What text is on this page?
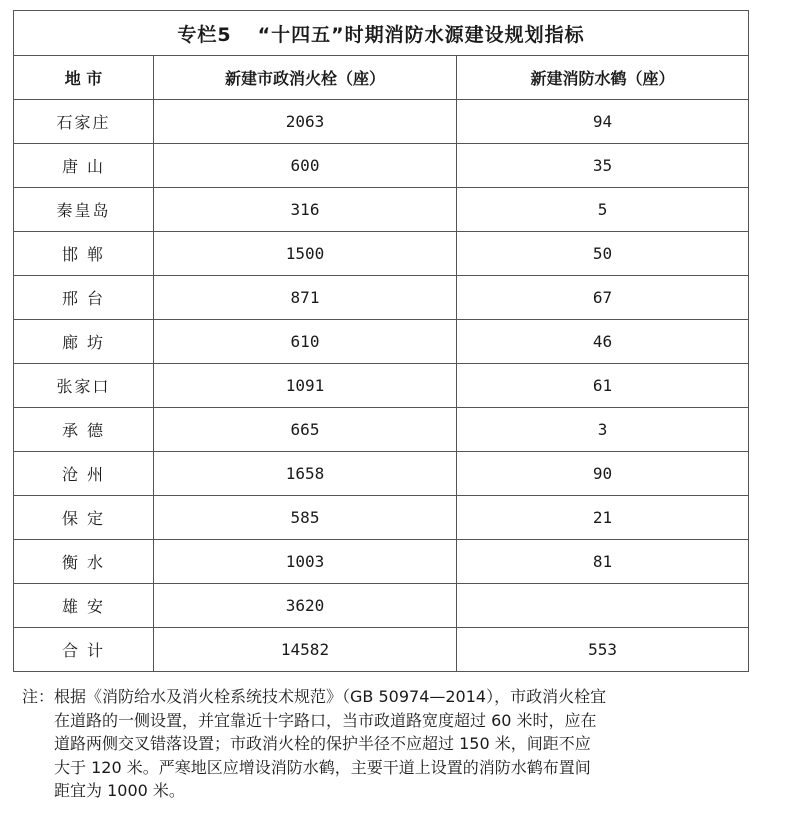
专栏5 “十四五”时期消防水源建设规划指标		
地 市	新建市政消火栓（座）	新建消防水鹤（座）
石家庄	2063	94
唐 山	600	35
秦皇岛	316	5
邯 郸	1500	50
邢 台	871	67
廊 坊	610	46
张家口	1091	61
承 德	665	3
沧 州	1658	90
保 定	585	21
衡 水	1003	81
雄 安	3620	
合 计	14582	553
注：根据《消防给水及消火栓系统技术规范》（GB 50974—2014），市政消火栓宜
在道路的一侧设置，并宜靠近十字路口，当市政道路宽度超过 60 米时，应在
道路两侧交叉错落设置；市政消火栓的保护半径不应超过 150 米，间距不应
大于 120 米。严寒地区应增设消防水鹤，主要干道上设置的消防水鹤布置间
距宜为 1000 米。
